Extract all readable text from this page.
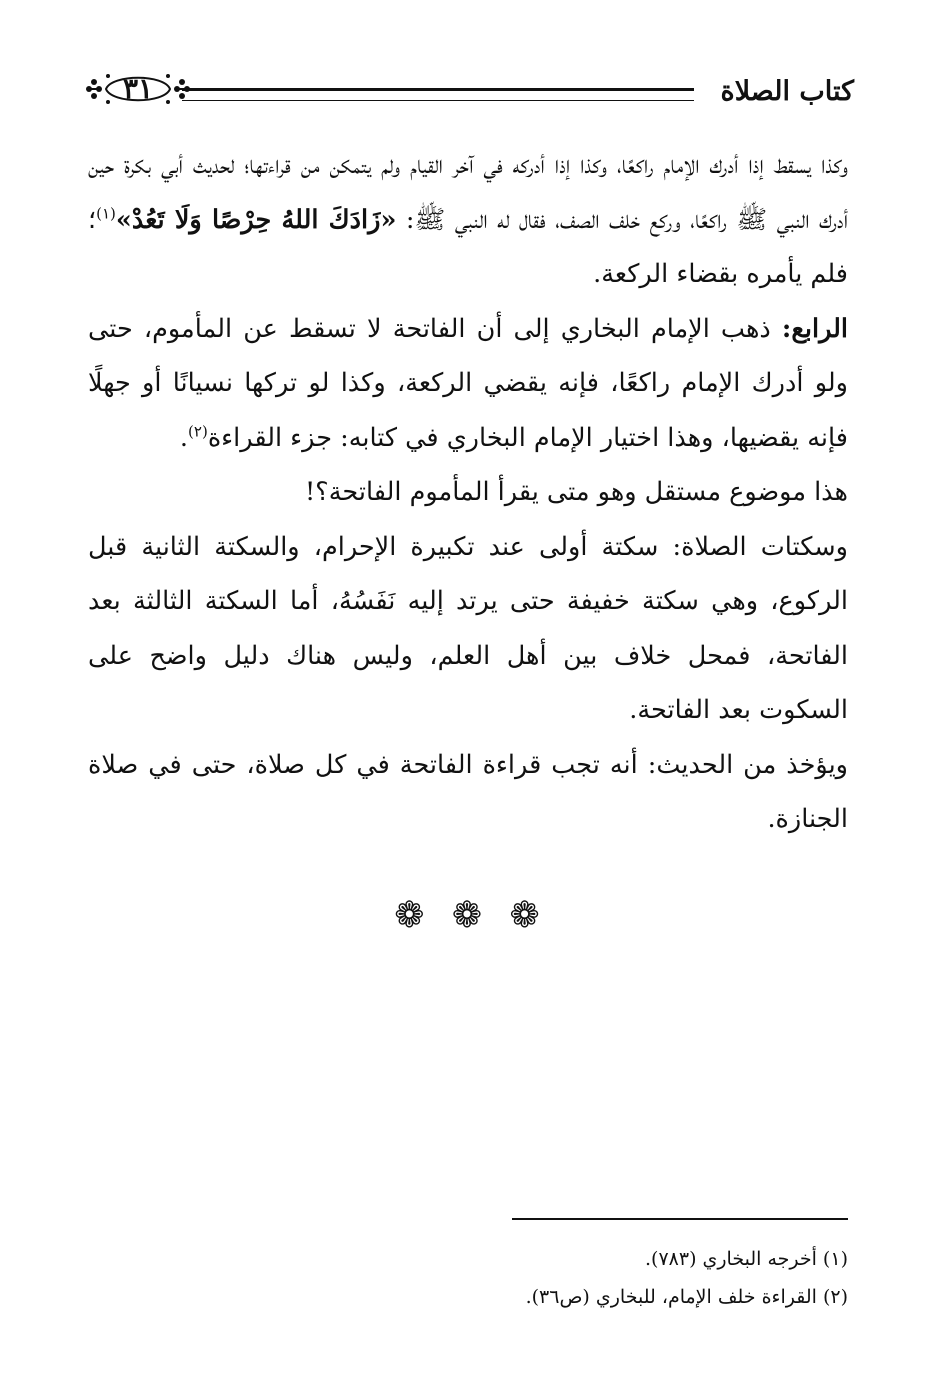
كتاب الصلاة
٣١

وكذا يسقط إذا أدرك الإمام راكعًا، وكذا إذا أدركه في آخر القيام ولم يتمكن من قراءتها؛ لحديث أبي بكرة حين أدرك النبي ﷺ راكعًا، وركع خلف الصف، فقال له النبي ﷺ: «زَادَكَ اللهُ حِرْصًا وَلَا تَعُدْ»$^{(١)}$؛ فلم يأمره بقضاء الركعة.

الرابع: ذهب الإمام البخاري إلى أن الفاتحة لا تسقط عن المأموم، حتى ولو أدرك الإمام راكعًا، فإنه يقضي الركعة، وكذا لو تركها نسيانًا أو جهلًا فإنه يقضيها، وهذا اختيار الإمام البخاري في كتابه: جزء القراءة$^{(٢)}$.

هذا موضوع مستقل وهو متى يقرأ المأموم الفاتحة؟!

وسكتات الصلاة: سكتة أولى عند تكبيرة الإحرام، والسكتة الثانية قبل الركوع، وهي سكتة خفيفة حتى يرتد إليه نَفَسُهُ، أما السكتة الثالثة بعد الفاتحة، فمحل خلاف بين أهل العلم، وليس هناك دليل واضح على السكوت بعد الفاتحة.

ويؤخذ من الحديث: أنه تجب قراءة الفاتحة في كل صلاة، حتى في صلاة الجنازة.

❁ ❁ ❁

(١) أخرجه البخاري (٧٨٣).

(٢) القراءة خلف الإمام، للبخاري (ص٣٦).
